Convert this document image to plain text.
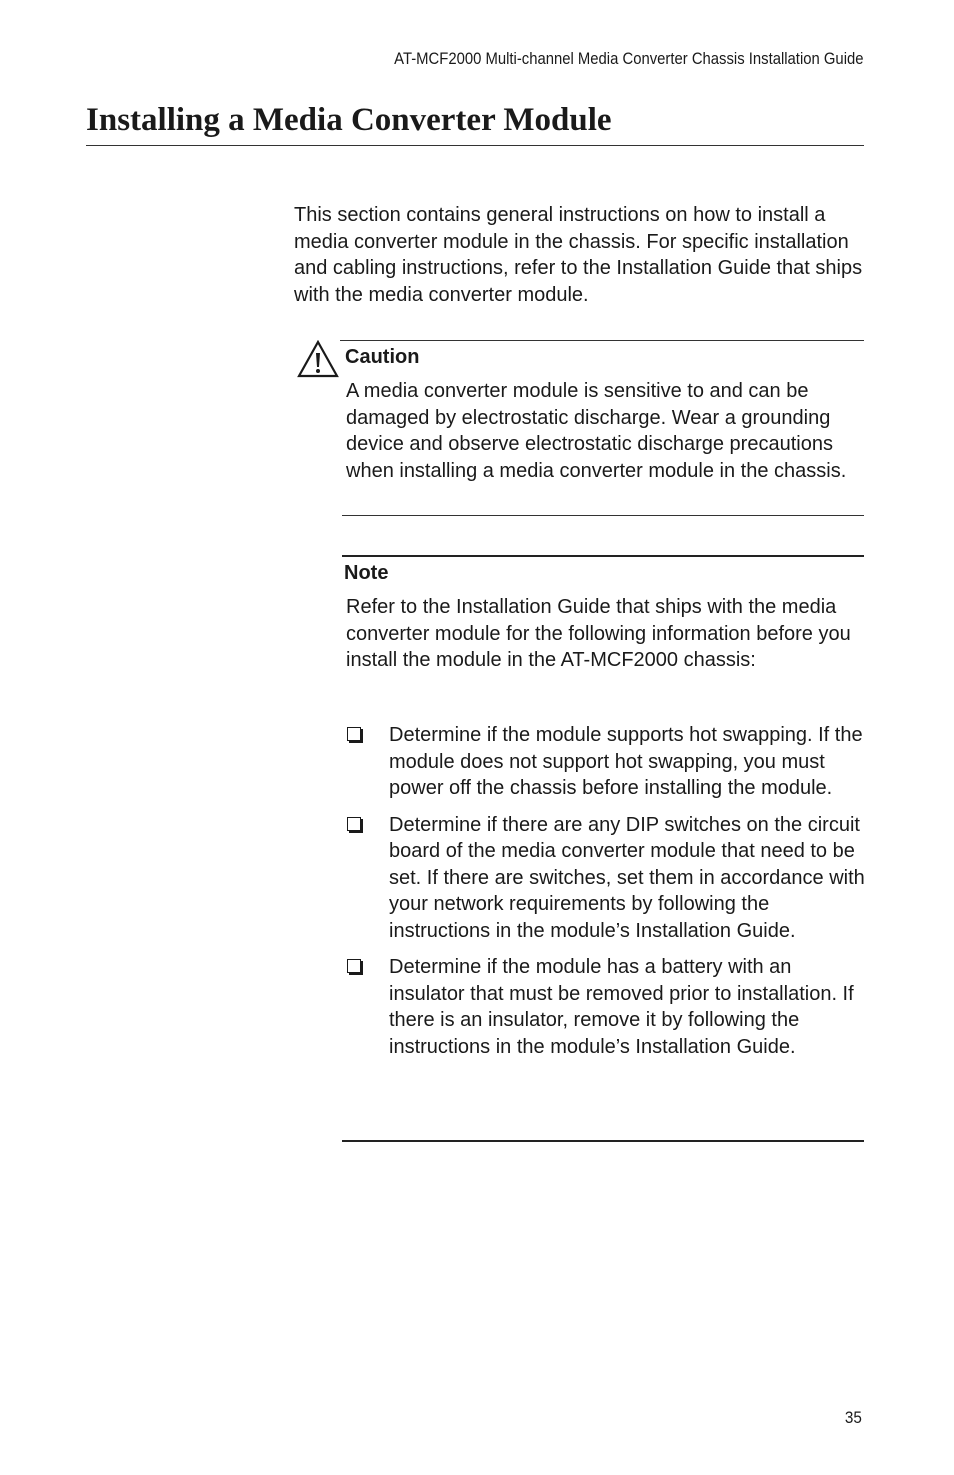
AT-MCF2000 Multi-channel Media Converter Chassis Installation Guide
Installing a Media Converter Module

This section contains general instructions on how to install a media converter module in the chassis. For specific installation and cabling instructions, refer to the Installation Guide that ships with the media converter module.

Caution

A media converter module is sensitive to and can be damaged by electrostatic discharge. Wear a grounding device and observe electrostatic discharge precautions when installing a media converter module in the chassis.

Note

Refer to the Installation Guide that ships with the media converter module for the following information before you install the module in the AT-MCF2000 chassis:

Determine if the module supports hot swapping. If the module does not support hot swapping, you must power off the chassis before installing the module.
Determine if there are any DIP switches on the circuit board of the media converter module that need to be set. If there are switches, set them in accordance with your network requirements by following the instructions in the module’s Installation Guide.
Determine if the module has a battery with an insulator that must be removed prior to installation. If there is an insulator, remove it by following the instructions in the module’s Installation Guide.
35
